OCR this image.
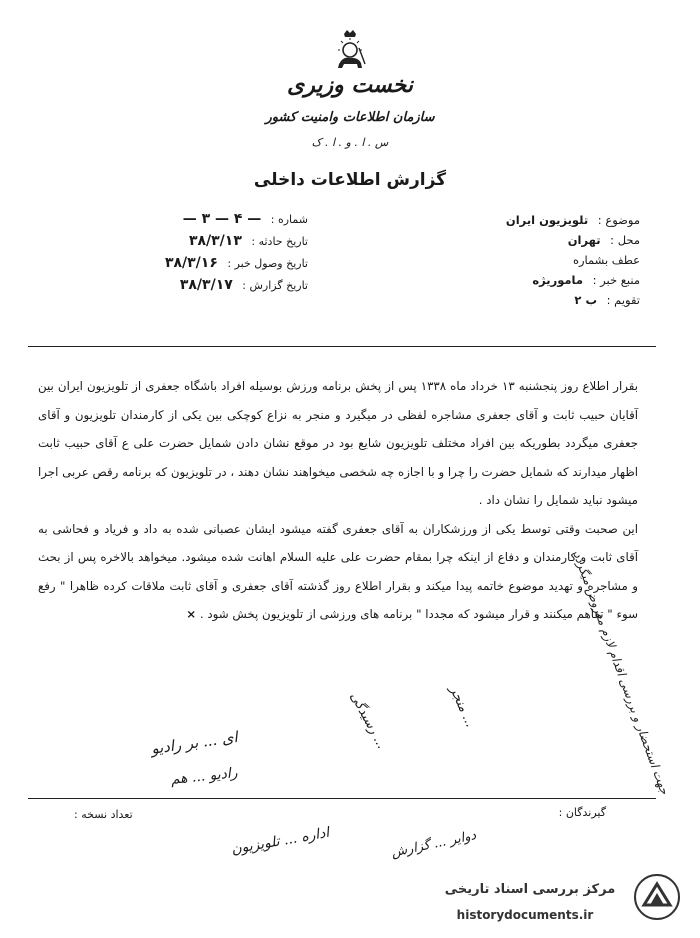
نخست وزیری
سازمان اطلاعات وامنیت کشور
س . ا . و . ا . ک
گزارش اطلاعات داخلی
موضوع : تلویزیون ایران
محل : تهران
عطف بشماره
منبع خبر : ماموریژه
تقویم : ب ۲
شماره : — ۴ — ۳ —
تاریخ حادثه : ۳۸/۳/۱۳
تاریخ وصول خبر : ۳۸/۳/۱۶
تاریخ گزارش : ۳۸/۳/۱۷

بقرار اطلاع روز پنجشنبه ۱۳ خرداد ماه ۱۳۳۸ پس از پخش برنامه ورزش بوسیله افراد باشگاه جعفری از تلویزیون ایران بین آقایان حبیب ثابت و آقای جعفری مشاجره لفظی در میگیرد و منجر به نزاع کوچکی بین یکی از کارمندان تلویزیون و آقای جعفری میگردد بطوریکه بین افراد مختلف تلویزیون شایع بود در موقع نشان دادن شمایل حضرت علی ع آقای حبیب ثابت اظهار میدارند که شمایل حضرت را چرا و با اجازه چه شخصی میخواهند نشان دهند ، در تلویزیون که برنامه رقص عربی اجرا میشود نباید شمایل را نشان داد .

این صحبت وقتی توسط یکی از ورزشکاران به آقای جعفری گفته میشود ایشان عصبانی شده به داد و فریاد و فحاشی به آقای ثابت و کارمندان و دفاع از اینکه چرا بمقام حضرت علی علیه السلام اهانت شده میشود. میخواهد بالاخره پس از بحث و مشاجره و تهدید موضوع خاتمه پیدا میکند و بقرار اطلاع روز گذشته آقای جعفری و آقای ثابت ملاقات کرده ظاهرا " رفع سوء " تفاهم میکنند و قرار میشود که مجددا " برنامه های ورزشی از تلویزیون پخش شود . ×

گیرندگان :
تعداد نسخه :
جهت استحضار و بررسی اقدام لازم معروض میگردد
ای ... بر رادیو
رادیو ... هم
... رسیدگی	... منجر
اداره ... تلویزیون	دوایر ... گزارش
مرکز بررسی اسناد تاریخی
historydocuments.ir
